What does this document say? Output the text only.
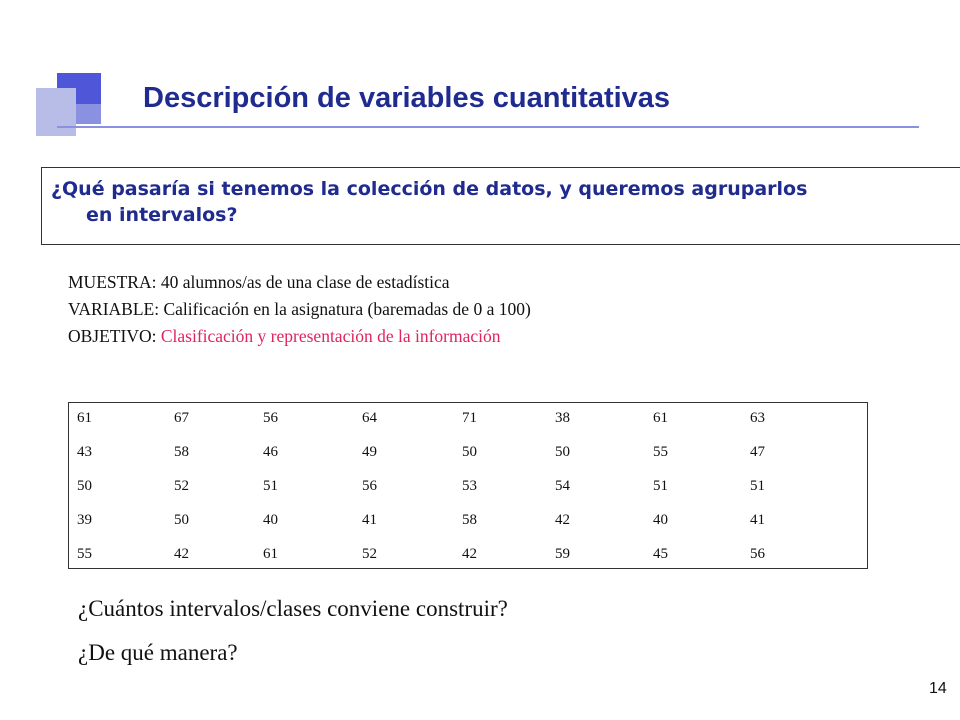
Descripción de variables cuantitativas
¿Qué pasaría si tenemos la colección de datos, y queremos agruparlos
en intervalos?
MUESTRA: 40 alumnos/as de una clase de estadística
VARIABLE: Calificación en la asignatura (baremadas de 0 a 100)
OBJETIVO: Clasificación y representación de la información
61	67	56	64	71	38	61	63
43	58	46	49	50	50	55	47
50	52	51	56	53	54	51	51
39	50	40	41	58	42	40	41
55	42	61	52	42	59	45	56
¿Cuántos intervalos/clases conviene construir?
¿De qué manera?
14
